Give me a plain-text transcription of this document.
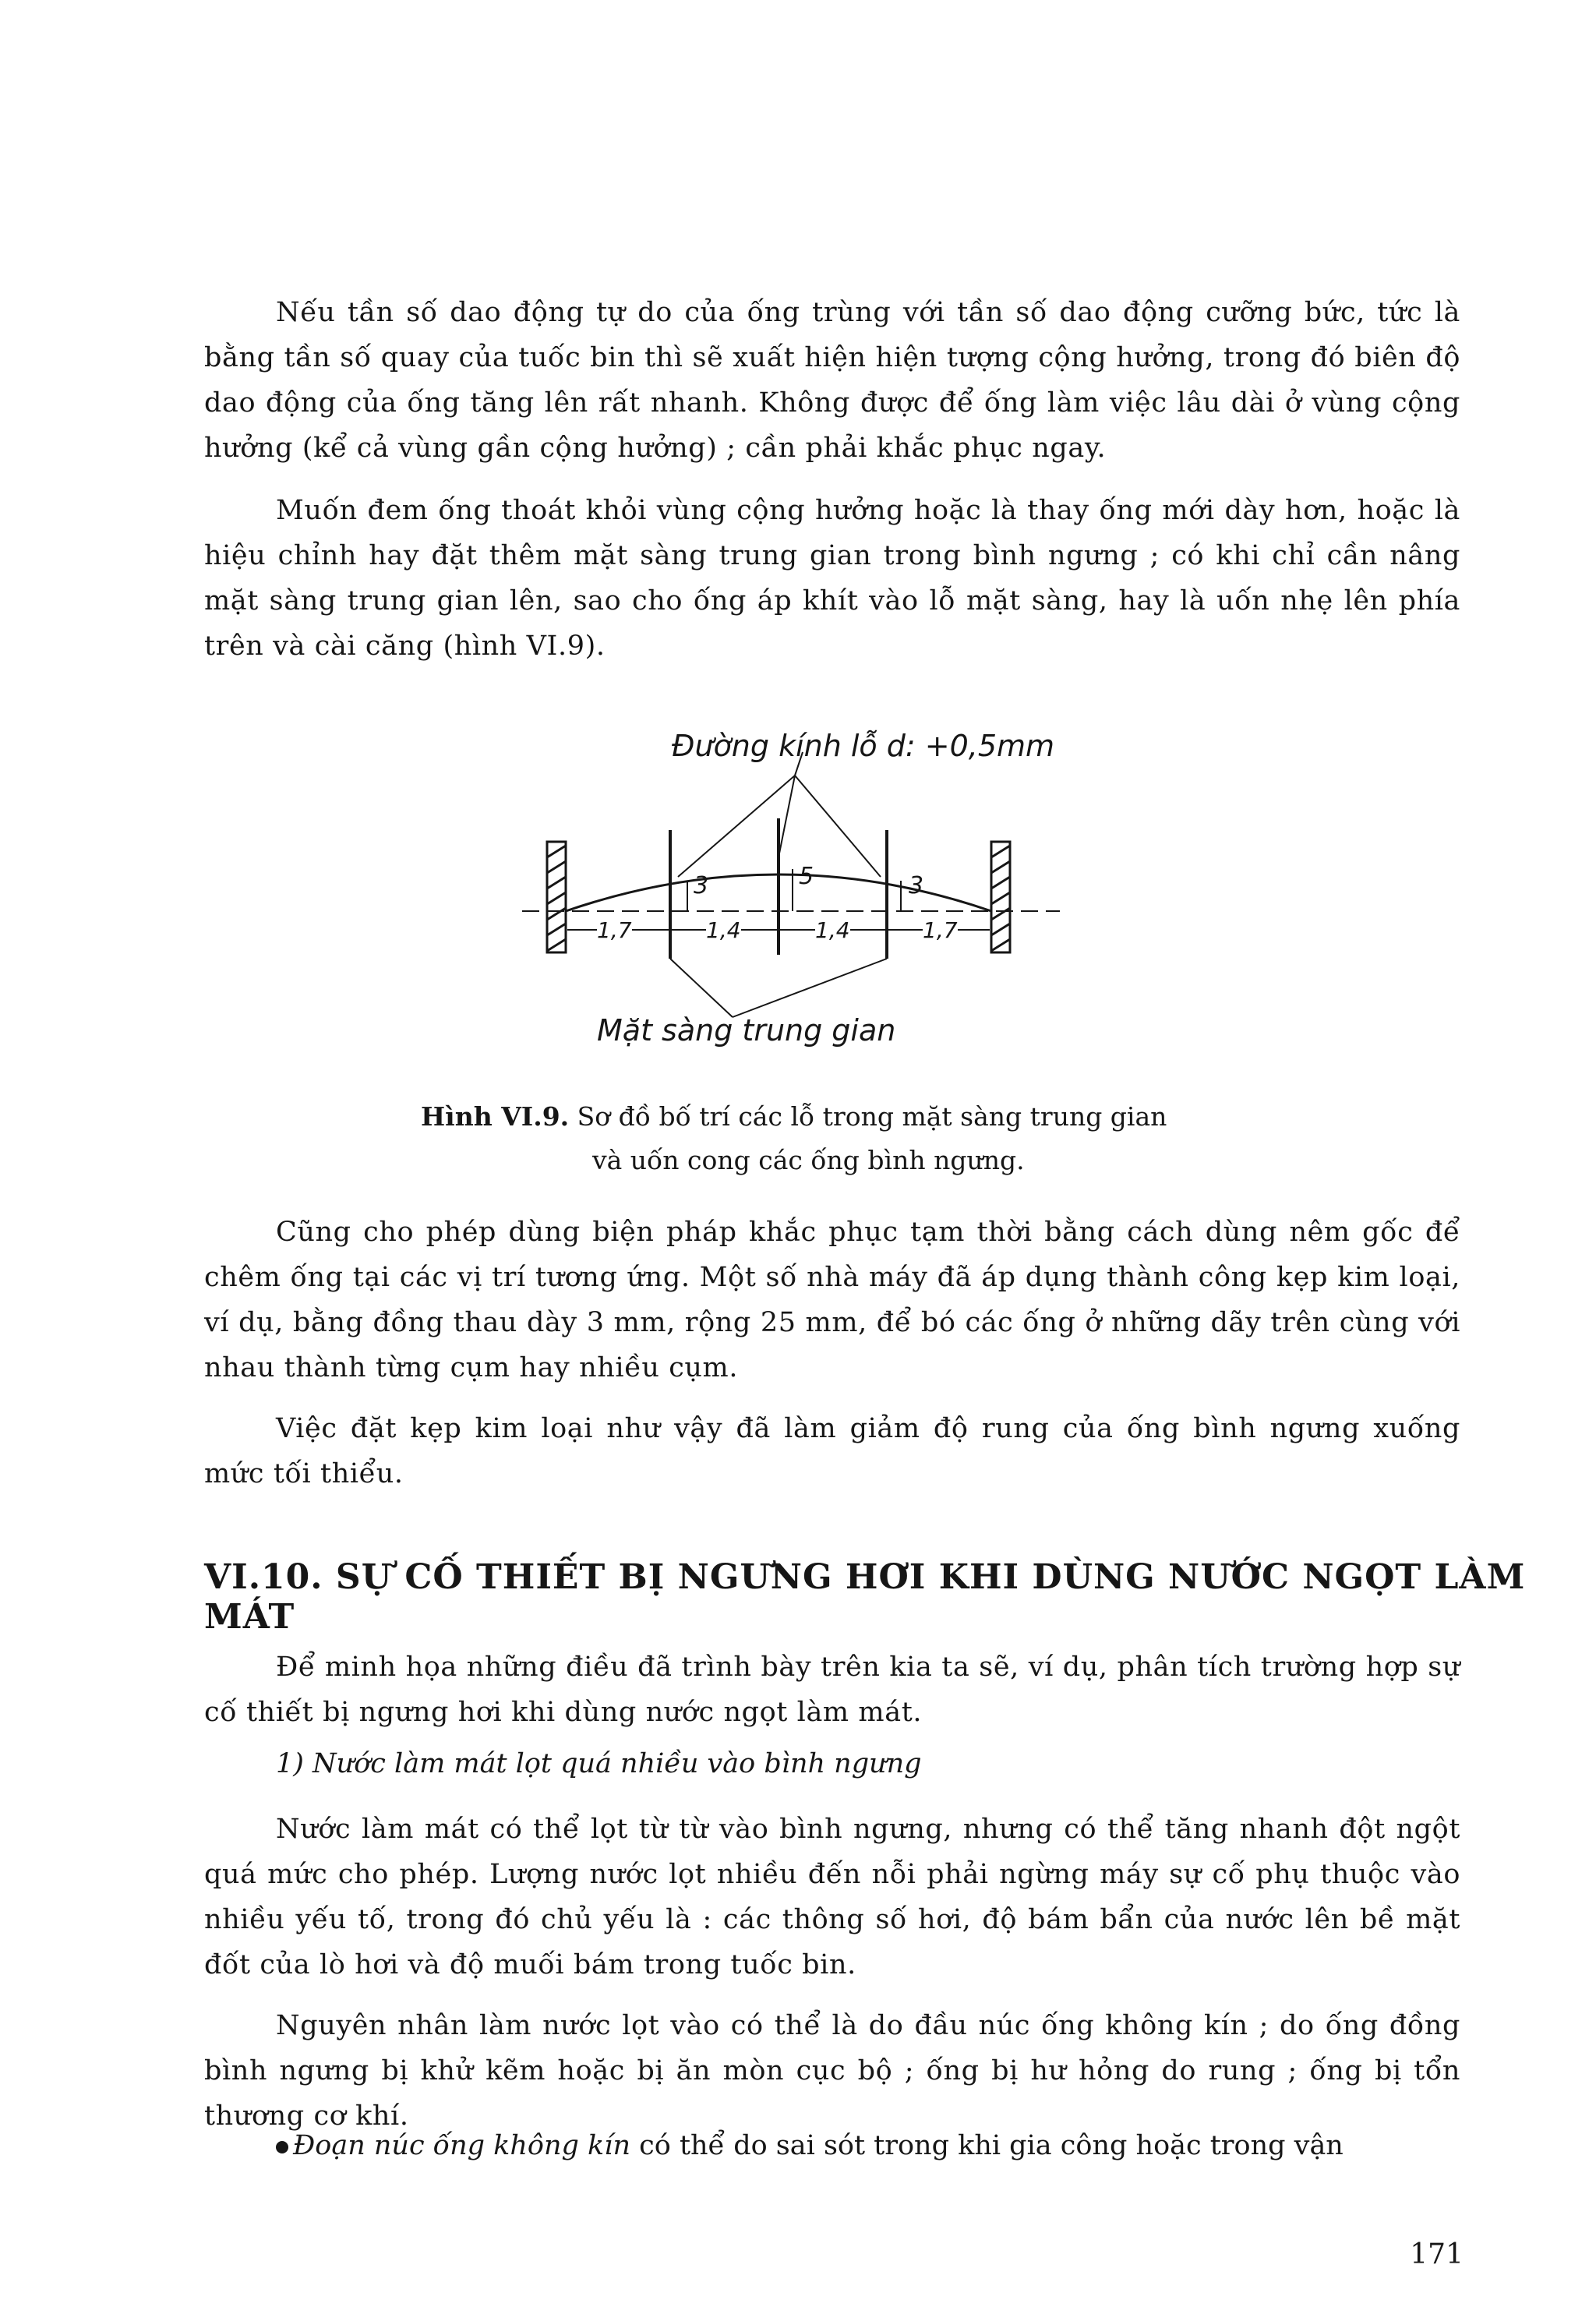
Nếu tần số dao động tự do của ống trùng với tần số dao động cưỡng bức, tức là bằng tần số quay của tuốc bin thì sẽ xuất hiện hiện tượng cộng hưởng, trong đó biên độ dao động của ống tăng lên rất nhanh. Không được để ống làm việc lâu dài ở vùng cộng hưởng (kể cả vùng gần cộng hưởng) ; cần phải khắc phục ngay.

Muốn đem ống thoát khỏi vùng cộng hưởng hoặc là thay ống mới dày hơn, hoặc là hiệu chỉnh hay đặt thêm mặt sàng trung gian trong bình ngưng ; có khi chỉ cần nâng mặt sàng trung gian lên, sao cho ống áp khít vào lỗ mặt sàng, hay là uốn nhẹ lên phía trên và cài căng (hình VI.9).

Đường kính lỗ d: +0,5mm
Mặt sàng trung gian
3	5	3
1,7	1,4	1,4	1,7

Hình VI.9. Sơ đồ bố trí các lỗ trong mặt sàng trung gian
và uốn cong các ống bình ngưng.

Cũng cho phép dùng biện pháp khắc phục tạm thời bằng cách dùng nêm gốc để chêm ống tại các vị trí tương ứng. Một số nhà máy đã áp dụng thành công kẹp kim loại, ví dụ, bằng đồng thau dày 3 mm, rộng 25 mm, để bó các ống ở những dãy trên cùng với nhau thành từng cụm hay nhiều cụm.

Việc đặt kẹp kim loại như vậy đã làm giảm độ rung của ống bình ngưng xuống mức tối thiểu.

VI.10. SỰ CỐ THIẾT BỊ NGƯNG HƠI KHI DÙNG NƯỚC NGỌT LÀM MÁT

Để minh họa những điều đã trình bày trên kia ta sẽ, ví dụ, phân tích trường hợp sự cố thiết bị ngưng hơi khi dùng nước ngọt làm mát.

1) Nước làm mát lọt quá nhiều vào bình ngưng

Nước làm mát có thể lọt từ từ vào bình ngưng, nhưng có thể tăng nhanh đột ngột quá mức cho phép. Lượng nước lọt nhiều đến nỗi phải ngừng máy sự cố phụ thuộc vào nhiều yếu tố, trong đó chủ yếu là : các thông số hơi, độ bám bẩn của nước lên bề mặt đốt của lò hơi và độ muối bám trong tuốc bin.

Nguyên nhân làm nước lọt vào có thể là do đầu núc ống không kín ; do ống đồng bình ngưng bị khử kẽm hoặc bị ăn mòn cục bộ ; ống bị hư hỏng do rung ; ống bị tổn thương cơ khí.

Đoạn núc ống không kín có thể do sai sót trong khi gia công hoặc trong vận

171
